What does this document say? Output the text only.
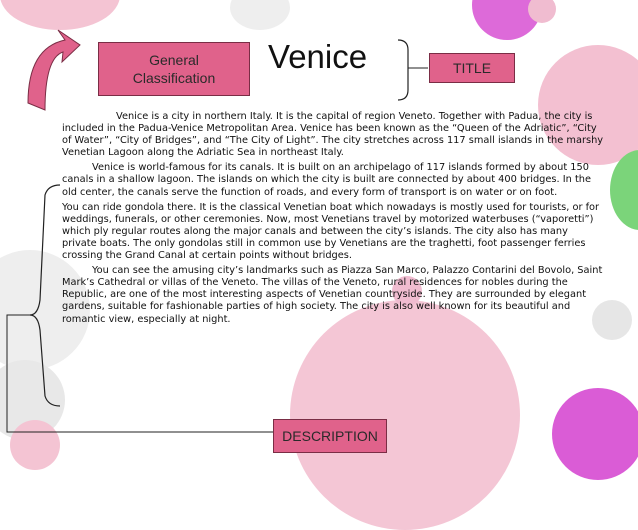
General Classification
Venice	TITLE
DESCRIPTION

Venice is a city in northern Italy. It is the capital of region Veneto. Together with Padua, the city is included in the Padua-Venice Metropolitan Area. Venice has been known as the “Queen of the Adriatic”, “City of Water”, “City of Bridges”, and “The City of Light”. The city stretches across 117 small islands in the marshy Venetian Lagoon along the Adriatic Sea in northeast Italy.

Venice is world-famous for its canals. It is built on an archipelago of 117 islands formed by about 150 canals in a shallow lagoon. The islands on which the city is built are connected by about 400 bridges. In the old center, the canals serve the function of roads, and every form of transport is on water or on foot.

You can ride gondola there. It is the classical Venetian boat which nowadays is mostly used for tourists, or for weddings, funerals, or other ceremonies. Now, most Venetians travel by motorized waterbuses (“vaporetti”) which ply regular routes along the major canals and between the city’s islands. The city also has many private boats. The only gondolas still in common use by Venetians are the traghetti, foot passenger ferries crossing the Grand Canal at certain points without bridges.

You can see the amusing city’s landmarks such as Piazza San Marco, Palazzo Contarini del Bovolo, Saint Mark’s Cathedral or villas of the Veneto. The villas of the Veneto, rural residences for nobles during the Republic, are one of the most interesting aspects of Venetian countryside. They are surrounded by elegant gardens, suitable for fashionable parties of high society. The city is also well known for its beautiful and romantic view, especially at night.
